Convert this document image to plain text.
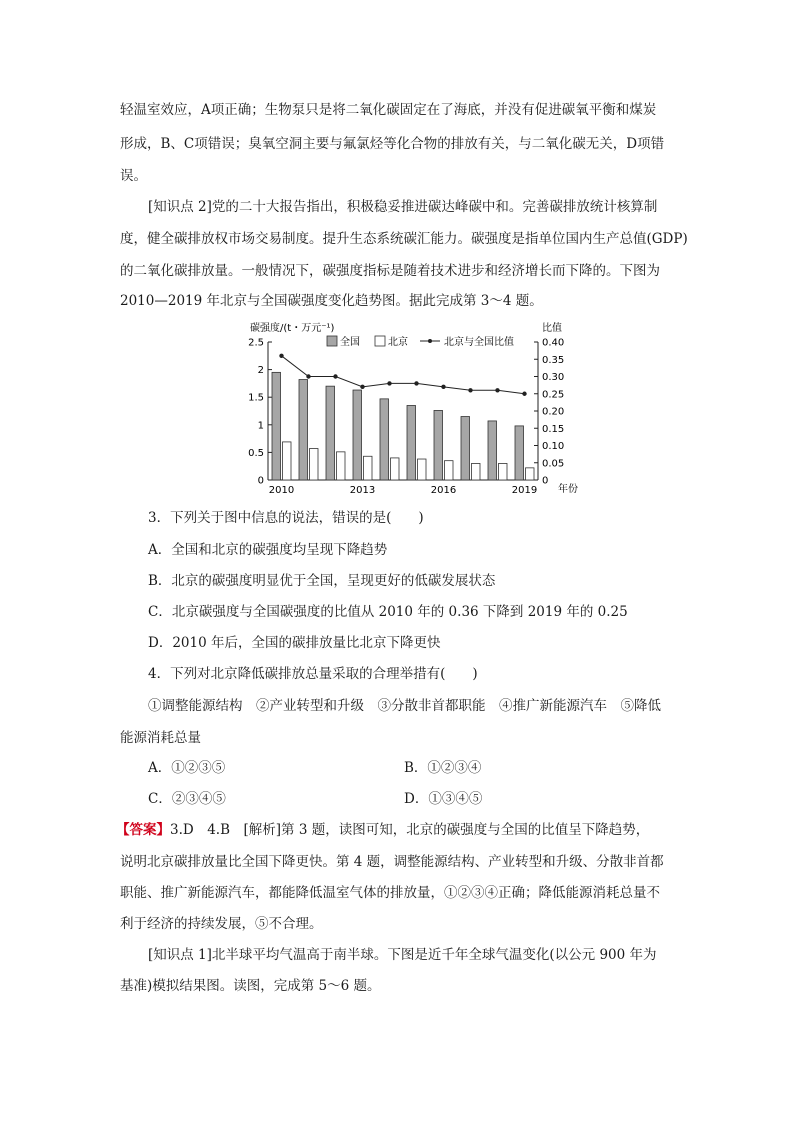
轻温室效应，A项正确；生物泵只是将二氧化碳固定在了海底，并没有促进碳氧平衡和煤炭
形成，B、C项错误；臭氧空洞主要与氟氯烃等化合物的排放有关，与二氧化碳无关，D项错
误。
[知识点 2]党的二十大报告指出，积极稳妥推进碳达峰碳中和。完善碳排放统计核算制
度，健全碳排放权市场交易制度。提升生态系统碳汇能力。碳强度是指单位国内生产总值(GDP)
的二氧化碳排放量。一般情况下，碳强度指标是随着技术进步和经济增长而下降的。下图为
2010—2019 年北京与全国碳强度变化趋势图。据此完成第 3～4 题。
碳强度/(t・万元⁻¹)	比值
年份
全国	北京	北京与全国比值
0
0.5
1
1.5
2
2.5
0
0.05
0.10
0.15
0.20
0.25
0.30
0.35
0.40
2010	2013	2016	2019
3．下列关于图中信息的说法，错误的是(　　)
A．全国和北京的碳强度均呈现下降趋势
B．北京的碳强度明显优于全国，呈现更好的低碳发展状态
C．北京碳强度与全国碳强度的比值从 2010 年的 0.36 下降到 2019 年的 0.25
D．2010 年后，全国的碳排放量比北京下降更快
4．下列对北京降低碳排放总量采取的合理举措有(　　)
①调整能源结构　②产业转型和升级　③分散非首都职能　④推广新能源汽车　⑤降低
能源消耗总量
A．①②③⑤	B．①②③④
C．②③④⑤	D．①③④⑤
【答案】3.D　4.B　[解析]第 3 题，读图可知，北京的碳强度与全国的比值呈下降趋势，
说明北京碳排放量比全国下降更快。第 4 题，调整能源结构、产业转型和升级、分散非首都
职能、推广新能源汽车，都能降低温室气体的排放量，①②③④正确；降低能源消耗总量不
利于经济的持续发展，⑤不合理。
[知识点 1]北半球平均气温高于南半球。下图是近千年全球气温变化(以公元 900 年为
基准)模拟结果图。读图，完成第 5～6 题。
